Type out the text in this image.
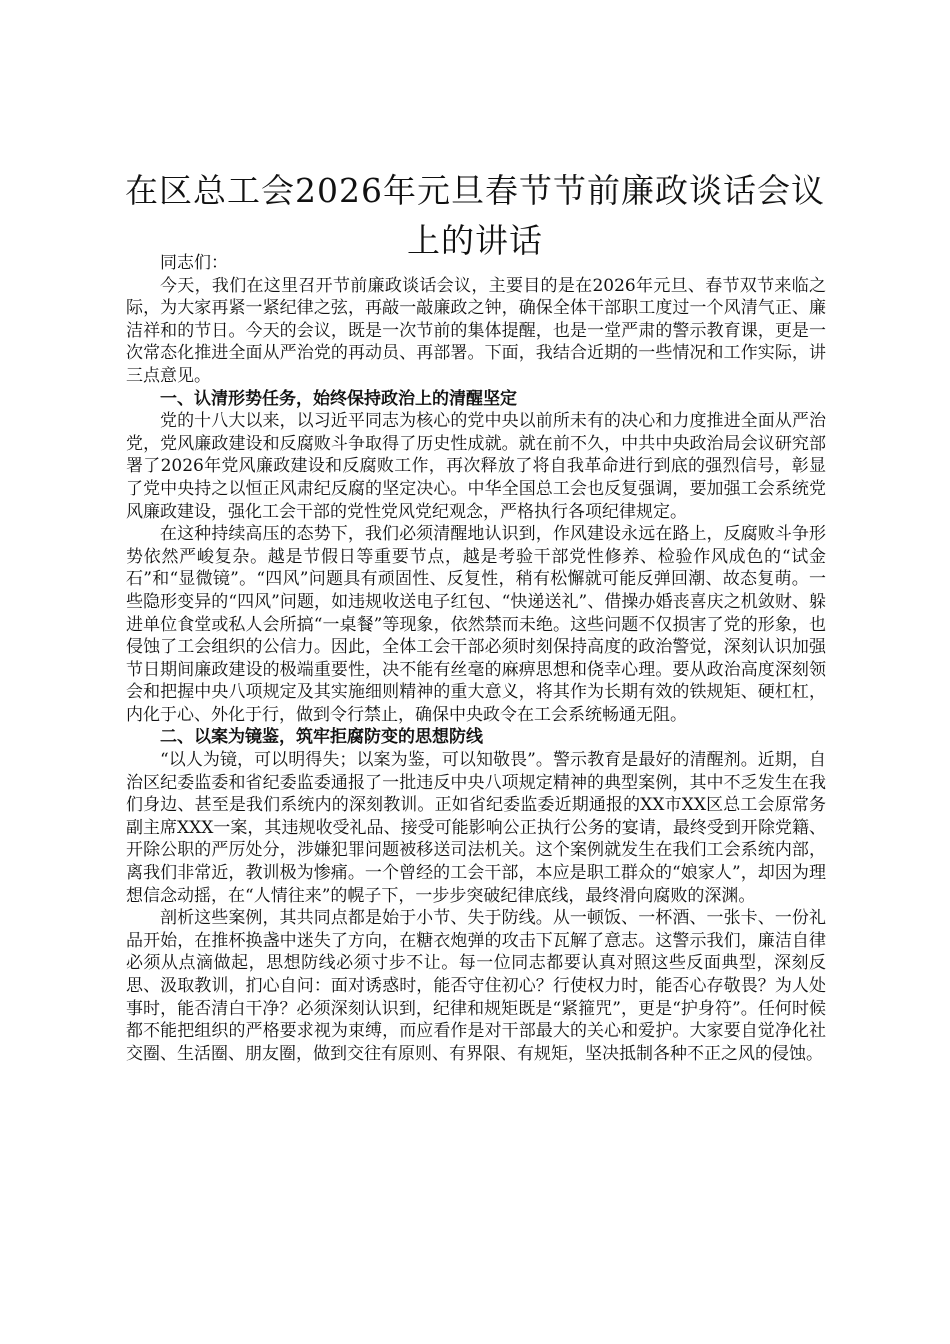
在区总工会2026年元旦春节节前廉政谈话会议上的讲话

同志们：

今天，我们在这里召开节前廉政谈话会议，主要目的是在2026年元旦、春节双节来临之际，为大家再紧一紧纪律之弦，再敲一敲廉政之钟，确保全体干部职工度过一个风清气正、廉洁祥和的节日。今天的会议，既是一次节前的集体提醒，也是一堂严肃的警示教育课，更是一次常态化推进全面从严治党的再动员、再部署。下面，我结合近期的一些情况和工作实际，讲三点意见。

一、认清形势任务，始终保持政治上的清醒坚定

党的十八大以来，以习近平同志为核心的党中央以前所未有的决心和力度推进全面从严治党，党风廉政建设和反腐败斗争取得了历史性成就。就在前不久，中共中央政治局会议研究部署了2026年党风廉政建设和反腐败工作，再次释放了将自我革命进行到底的强烈信号，彰显了党中央持之以恒正风肃纪反腐的坚定决心。中华全国总工会也反复强调，要加强工会系统党风廉政建设，强化工会干部的党性党风党纪观念，严格执行各项纪律规定。

在这种持续高压的态势下，我们必须清醒地认识到，作风建设永远在路上，反腐败斗争形势依然严峻复杂。越是节假日等重要节点，越是考验干部党性修养、检验作风成色的“试金石”和“显微镜”。“四风”问题具有顽固性、反复性，稍有松懈就可能反弹回潮、故态复萌。一些隐形变异的“四风”问题，如违规收送电子红包、“快递送礼”、借操办婚丧喜庆之机敛财、躲进单位食堂或私人会所搞“一桌餐”等现象，依然禁而未绝。这些问题不仅损害了党的形象，也侵蚀了工会组织的公信力。因此，全体工会干部必须时刻保持高度的政治警觉，深刻认识加强节日期间廉政建设的极端重要性，决不能有丝毫的麻痹思想和侥幸心理。要从政治高度深刻领会和把握中央八项规定及其实施细则精神的重大意义，将其作为长期有效的铁规矩、硬杠杠，内化于心、外化于行，做到令行禁止，确保中央政令在工会系统畅通无阻。

二、以案为镜鉴，筑牢拒腐防变的思想防线

“以人为镜，可以明得失；以案为鉴，可以知敬畏”。警示教育是最好的清醒剂。近期，自治区纪委监委和省纪委监委通报了一批违反中央八项规定精神的典型案例，其中不乏发生在我们身边、甚至是我们系统内的深刻教训。正如省纪委监委近期通报的XX市XX区总工会原常务副主席XXX一案，其违规收受礼品、接受可能影响公正执行公务的宴请，最终受到开除党籍、开除公职的严厉处分，涉嫌犯罪问题被移送司法机关。这个案例就发生在我们工会系统内部，离我们非常近，教训极为惨痛。一个曾经的工会干部，本应是职工群众的“娘家人”，却因为理想信念动摇，在“人情往来”的幌子下，一步步突破纪律底线，最终滑向腐败的深渊。

剖析这些案例，其共同点都是始于小节、失于防线。从一顿饭、一杯酒、一张卡、一份礼品开始，在推杯换盏中迷失了方向，在糖衣炮弹的攻击下瓦解了意志。这警示我们，廉洁自律必须从点滴做起，思想防线必须寸步不让。每一位同志都要认真对照这些反面典型，深刻反思、汲取教训，扪心自问：面对诱惑时，能否守住初心？行使权力时，能否心存敬畏？为人处事时，能否清白干净？必须深刻认识到，纪律和规矩既是“紧箍咒”，更是“护身符”。任何时候都不能把组织的严格要求视为束缚，而应看作是对干部最大的关心和爱护。大家要自觉净化社交圈、生活圈、朋友圈，做到交往有原则、有界限、有规矩，坚决抵制各种不正之风的侵蚀。
